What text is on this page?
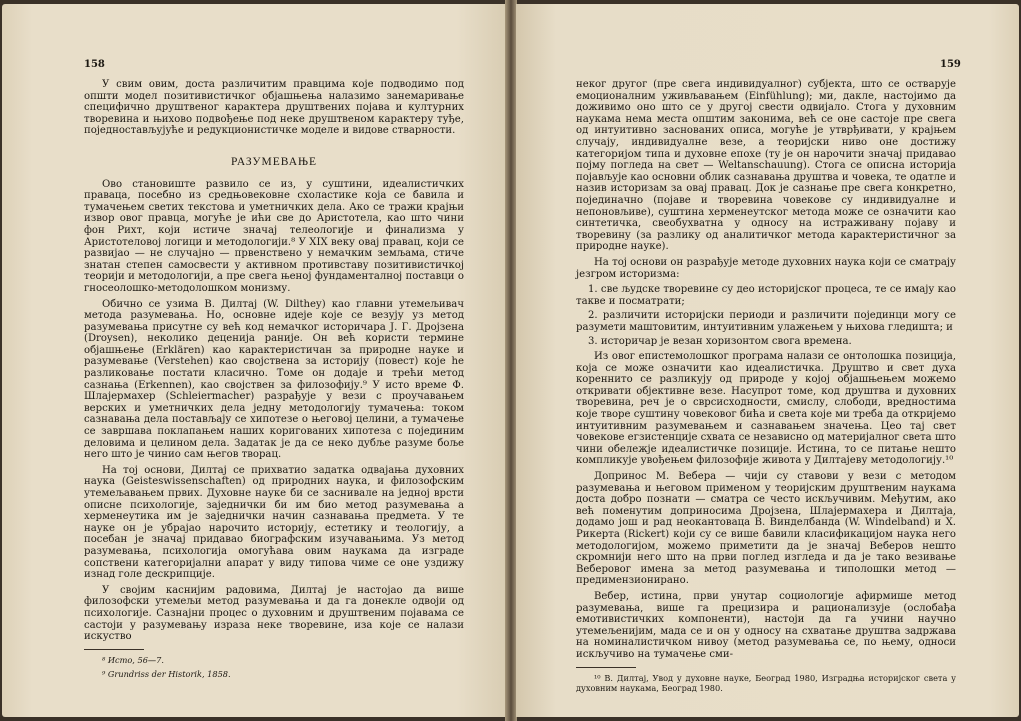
158

У свим овим, доста различитим правцима које подводимо под општи модел позитивистичког објашњења налазимо занемаривање специфично друштвеног карактера друштвених појава и културних творевина и њихово подвођење под неке друштвеном карактеру туђе, поједностављујуће и редукционистичке моделе и видове стварности.

РАЗУМЕВАЊЕ

Ово становиште развило се из, у суштини, идеалистичких праваца, посебно из средњовековне схоластике која се бавила и тумачењем светих текстова и уметничких дела. Ако се тражи крајњи извор овог правца, могуће је ићи све до Аристотела, као што чини фон Рихт, који истиче значај телеологије и финализма у Аристотеловој логици и методологији.⁸ У XIX веку овај правац, који се развијао — не случајно — првенствено у немачким земљама, стиче знатан степен самосвести у активном противставу позитивистичкој теорији и методологији, а пре свега њеној фундаменталној поставци о гносеолошко-методолошком монизму.

Обично се узима В. Дилтај (W. Dilthey) као главни утемељивач метода разумевања. Но, основне идеје које се везују уз метод разумевања присутне су већ код немачког историчара Ј. Г. Дројзена (Droysen), неколико деценија раније. Он већ користи термине објашњење (Erklären) као карактеристичан за природне науке и разумевање (Verstehen) као својствена за историју (повест) које he разликовање постати класично. Томе он додаје и трећи метод сазнања (Erkennen), као својствен за филозофију.⁹ У исто време Ф. Шлајермахер (Schleiermacher) разрађује у вези с проучавањем верских и уметничких дела једну методологију тумачења: током сазнавања дела постављају се хипотезе о његовој целини, а тумачење се завршава поклапањем наших коригованих хипотеза с појединим деловима и целином дела. Задатак је да се нeко дубљe разумe боље него што је чинио сам његов творац.

На тој основи, Дилтај се прихватио задатка одвајања духовних наука (Geisteswissenschaften) од природних наука, и филозофским утемељавањем првих. Духовне науке би се заснивале на једној врсти описне психологије, заједнички би им био метод разумевања а херменеутика им је заједнички начин сазнавања предмета. У те науке он је убрајао нарочито историју, естетику и теологију, а посебан је значај придавао биографским изучавањима. Уз метод разумевања, психологија омогућава овим наукама да изграде сопствени категоријални апарат у виду типова чиме се оне уздижу изнад голе дескрипције.

У својим каснијим радовима, Дилтај је настојао да више филозофски утемељи метод разумевања и да га донекле одвоји од психологије. Сазнајни процес о духовним и друштвеним појавама се састоји у разумевању израза неке творевине, иза које се налази искуство

⁸ Исто, 56—7.

⁹ Grundriss der Historik, 1858.

159

неког другог (пре свега индивидуалног) субјекта, што се остварује емоционалним уживљавањем (Einfühlung); ми, дакле, настојимо да доживимо оно што се у другој свести одвијало. Стога у духовним наукама нема места општим законима, већ се оне састоје пре свега од интуитивно заснованих описа, могуће је утврђивати, у крајњем случају, индивидуалне везе, а теоријски ниво оне достижу категоријом типа и духовне епохе (ту је он нарочити значај придавао појму погледа на свет — Weltanschauung). Стога се опиcна историја појављује као основни облик сазнавања друштва и човека, те одатле и назив историзам за овај правац. Док је сазнање пре свега конкретно, појединачно (појаве и творевина човекове су индивидуалне и непоновљиве), суштина херменеутског метода може се означити као синтетичка, свеобухватна у односу на истраживану појаву и творевину (за разлику од аналитичког метода карактеристичног за природне науке).

На тој основи он разрађује методе духовних наука који се сматрају језгром историзма:

1. све људске творевине су део историјског процеса, те се имају као такве и посматрати;

2. различити историјски периоди и различити појединци могу се разумети маштовитим, интуитивним улажењем у њихова гледишта; и

3. историчар је везан хоризонтом свога времена.

Из овог епистемолошког програма налази се онтолошка позиција, која се може означити као идеалистичка. Друштво и свет духа кореннито се разликују од природе у којој објашњењем можемо откривати објективне везе. Насупрот томе, код друштва и духовних творевина, реч је о сврсисходности, смислу, слободи, вредностима које творе суштину човековог бића и света које ми треба да откријемо интуитивним разумевањем и сазнавањем значења. Цео тај свет човекове егзистенције схвата се независно од материјалног света што чини обележје идеалистичке позиције. Истина, то се питање нешто компликује увођењем филозофије живота у Дилтајеву методологију.¹⁰

Допринос М. Вебера — чији су ставови у вези с методом разумевања и његовом применом у теоријским друштвеним наукама доста добро познати — сматра се често искључивим. Међутим, ако већ поменутим доприносима Дројзена, Шлајермахера и Дилтаја, додамо још и рад неокантоваца В. Винделбанда (W. Windelband) и Х. Рикерта (Rickert) који су се више бавили класификацијом наука него методологијом, можемо приметити да је значај Веберов нешто скромнији него што на први поглед изгледа и да је тако везивање Веберовог имена за метод разумевања и типолошки метод — предимензионирано.

Вебер, истина, први унутар социологије афирмише метод разумевања, више га прецизира и рационализује (ослобађа емотивистичких компоненти), настоји да га учини научно утемељенијим, мада се и он у односу на схватање друштва задржава на номиналистичком нивоу (метод разумевања се, по њему, односи искључиво на тумачење сми-

¹⁰ В. Дилтај, Увод у духовне науке, Београд 1980, Изградња историјског света у духовним наукама, Београд 1980.
